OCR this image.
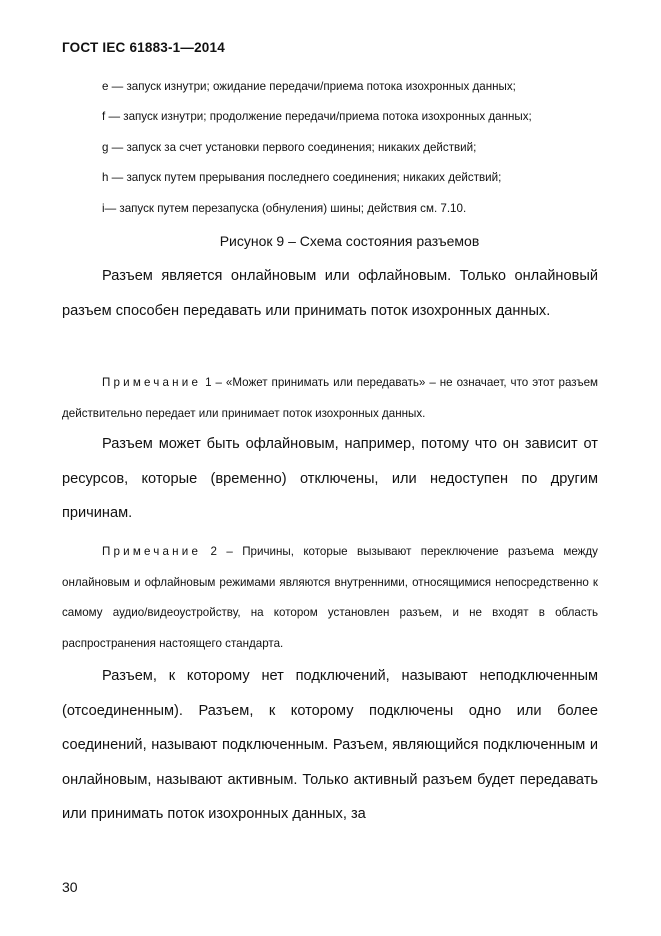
ГОСТ IEC 61883-1—2014
e — запуск изнутри; ожидание передачи/приема потока изохронных данных;
f — запуск изнутри; продолжение передачи/приема потока изохронных данных;
g — запуск за счет установки первого соединения; никаких действий;
h — запуск путем прерывания последнего соединения; никаких действий;
i— запуск путем перезапуска (обнуления) шины; действия см. 7.10.
Рисунок 9 – Схема состояния разъемов

Разъем является онлайновым или офлайновым. Только онлайновый разъем способен передавать или принимать поток изохронных данных.

Примечание 1 – «Может принимать или передавать» – не означает, что этот разъем действительно передает или принимает поток изохронных данных.

Разъем может быть офлайновым, например, потому что он зависит от ресурсов, которые (временно) отключены, или недоступен по другим причинам.

Примечание 2 – Причины, которые вызывают переключение разъема между онлайновым и офлайновым режимами являются внутренними, относящимися непосредственно к самому аудио/видеоустройству, на котором установлен разъем, и не входят в область распространения настоящего стандарта.

Разъем, к которому нет подключений, называют неподключенным (отсоединенным). Разъем, к которому подключены одно или более соединений, называют подключенным. Разъем, являющийся подключенным и онлайновым, называют активным. Только активный разъем будет передавать или принимать поток изохронных данных, за

30
